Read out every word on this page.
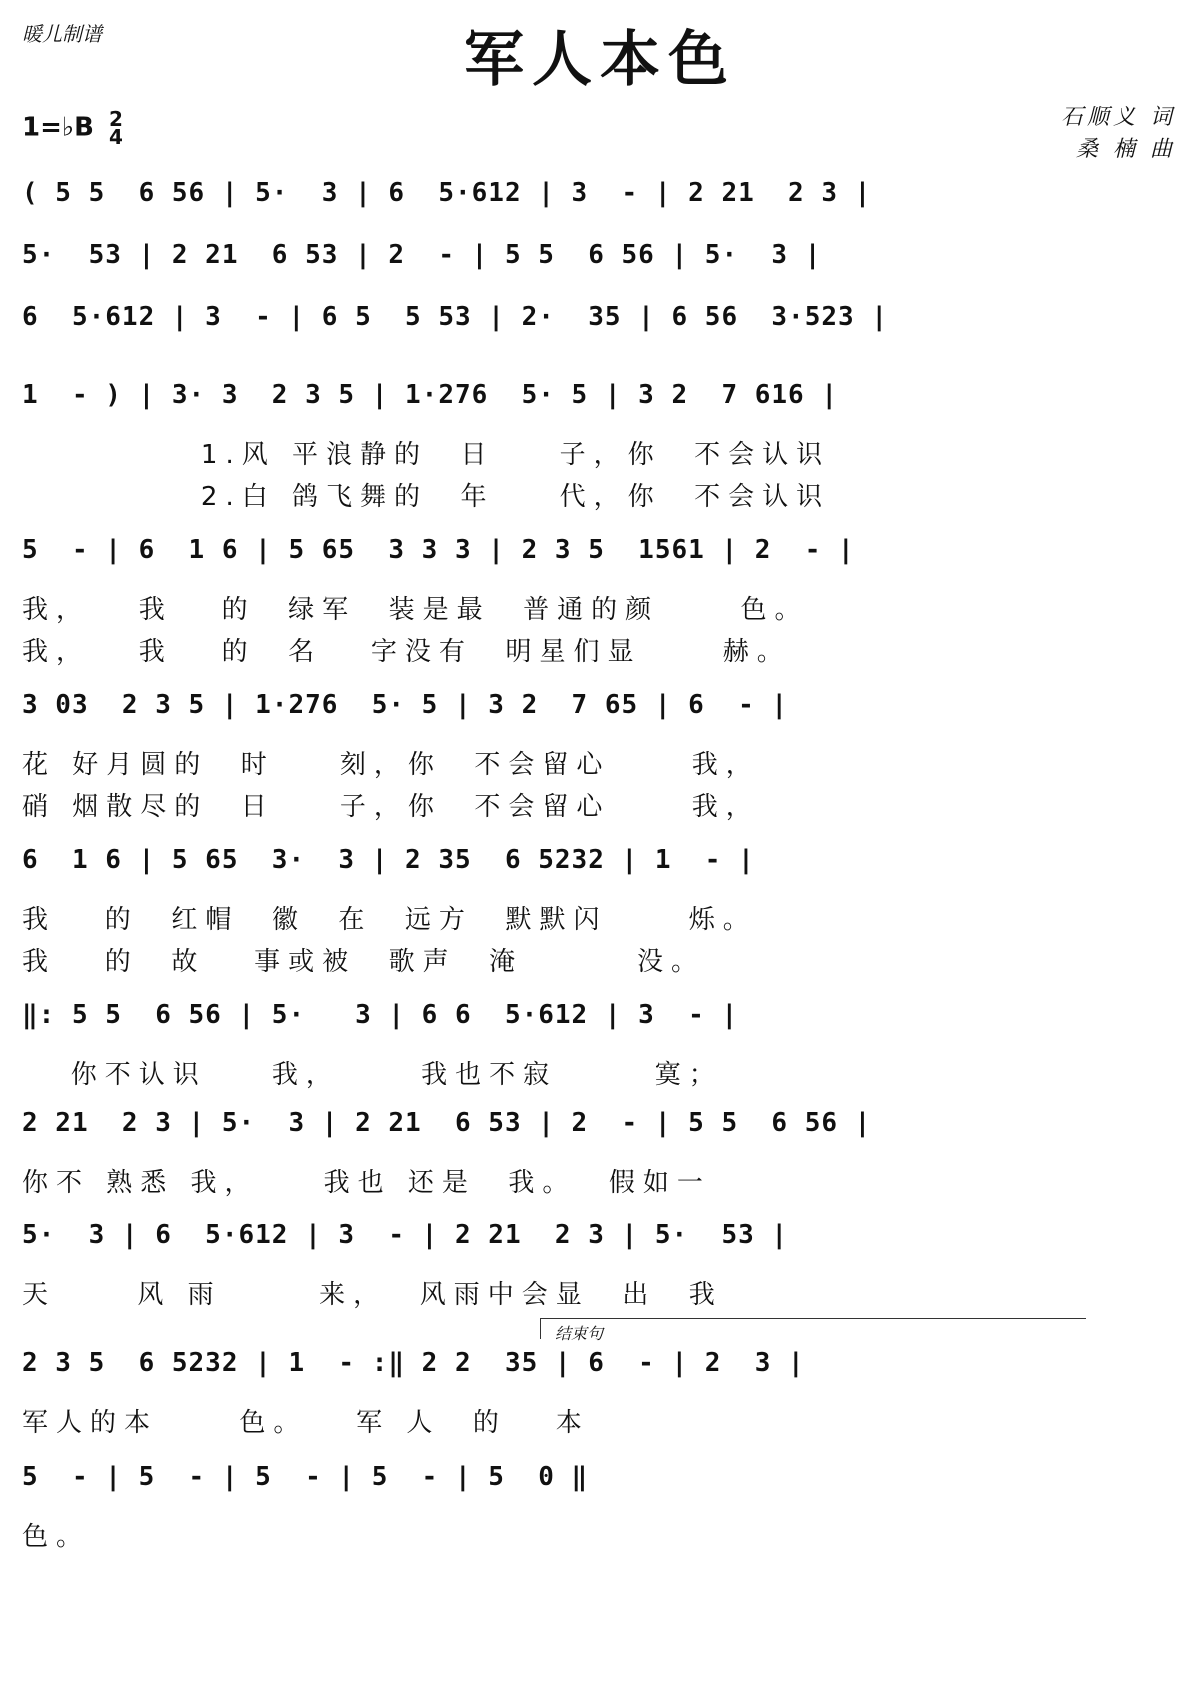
暖儿制谱	军人本色
1=♭B 2
4
石顺义 词
桑 楠 曲
( 5 5  6 56 | 5·  3 | 6  5·612 | 3  - | 2 21  2 3 |
5·  53 | 2 21  6 53 | 2  - | 5 5  6 56 | 5·  3 |
6  5·612 | 3  - | 6 5  5 53 | 2·  35 | 6 56  3·523 |
1  - ) | 3· 3  2 3 5 | 1·276  5· 5 | 3 2  7 616 |
1.风 平浪静的  日    子，你  不会认识
2.白 鸽飞舞的  年    代，你  不会认识
5  - | 6  1 6 | 5 65  3 3 3 | 2 3 5  1561 | 2  - |
我，   我   的  绿军  装是最  普通的颜     色。
我，   我   的  名   字没有  明星们显     赫。
3 03  2 3 5 | 1·276  5· 5 | 3 2  7 65 | 6  - |
花 好月圆的  时    刻，你  不会留心     我，
硝 烟散尽的  日    子，你  不会留心     我，
6  1 6 | 5 65  3·  3 | 2 35  6 5232 | 1  - |
我   的  红帽  徽  在  远方  默默闪     烁。
我   的  故   事或被  歌声  淹       没。
‖: 5 5  6 56 | 5·   3 | 6 6  5·612 | 3  - |
你不认识    我，     我也不寂      寞；
2 21  2 3 | 5·  3 | 2 21  6 53 | 2  - | 5 5  6 56 |
你不 熟悉 我，    我也 还是  我。  假如一
5·  3 | 6  5·612 | 3  - | 2 21  2 3 | 5·  53 |
天     风 雨      来，  风雨中会显  出  我
2 3 5  6 5232 | 1  - :‖ 2 2  35 | 6  - | 2  3 |
军人的本     色。   军 人  的   本
5  - | 5  - | 5  - | 5  - | 5  0 ‖
色。
结束句
